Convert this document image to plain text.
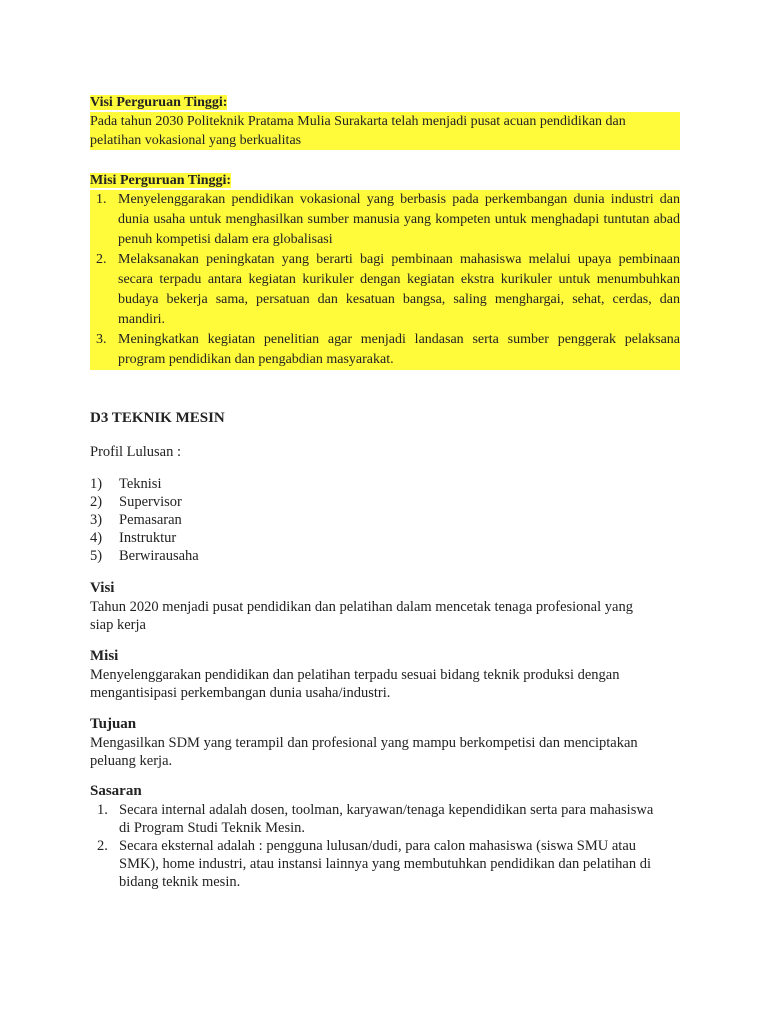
Visi Perguruan Tinggi:

Pada tahun 2030 Politeknik Pratama Mulia Surakarta telah menjadi pusat acuan pendidikan dan
pelatihan vokasional yang berkualitas

Misi Perguruan Tinggi:

1. Menyelenggarakan pendidikan vokasional yang berbasis pada perkembangan dunia industri dan dunia usaha untuk menghasilkan sumber manusia yang kompeten untuk menghadapi tuntutan abad penuh kompetisi dalam era globalisasi
2. Melaksanakan peningkatan yang berarti bagi pembinaan mahasiswa melalui upaya pembinaan secara terpadu antara kegiatan kurikuler dengan kegiatan ekstra kurikuler untuk menumbuhkan budaya bekerja sama, persatuan dan kesatuan bangsa, saling menghargai, sehat, cerdas, dan mandiri.
3. Meningkatkan kegiatan penelitian agar menjadi landasan serta sumber penggerak pelaksana program pendidikan dan pengabdian masyarakat.

D3 TEKNIK MESIN

Profil Lulusan :

1) Teknisi
2) Supervisor
3) Pemasaran
4) Instruktur
5) Berwirausaha

Visi

Tahun 2020 menjadi pusat pendidikan dan pelatihan dalam mencetak tenaga profesional yang
siap kerja

Misi

Menyelenggarakan pendidikan dan pelatihan terpadu sesuai bidang teknik produksi dengan
mengantisipasi perkembangan dunia usaha/industri.

Tujuan

Mengasilkan SDM yang terampil dan profesional yang mampu berkompetisi dan menciptakan
peluang kerja.

Sasaran

1. Secara internal adalah dosen, toolman, karyawan/tenaga kependidikan serta para mahasiswa
di Program Studi Teknik Mesin.
2. Secara eksternal adalah : pengguna lulusan/dudi, para calon mahasiswa (siswa SMU atau
SMK), home industri, atau instansi lainnya yang membutuhkan pendidikan dan pelatihan di
bidang teknik mesin.
